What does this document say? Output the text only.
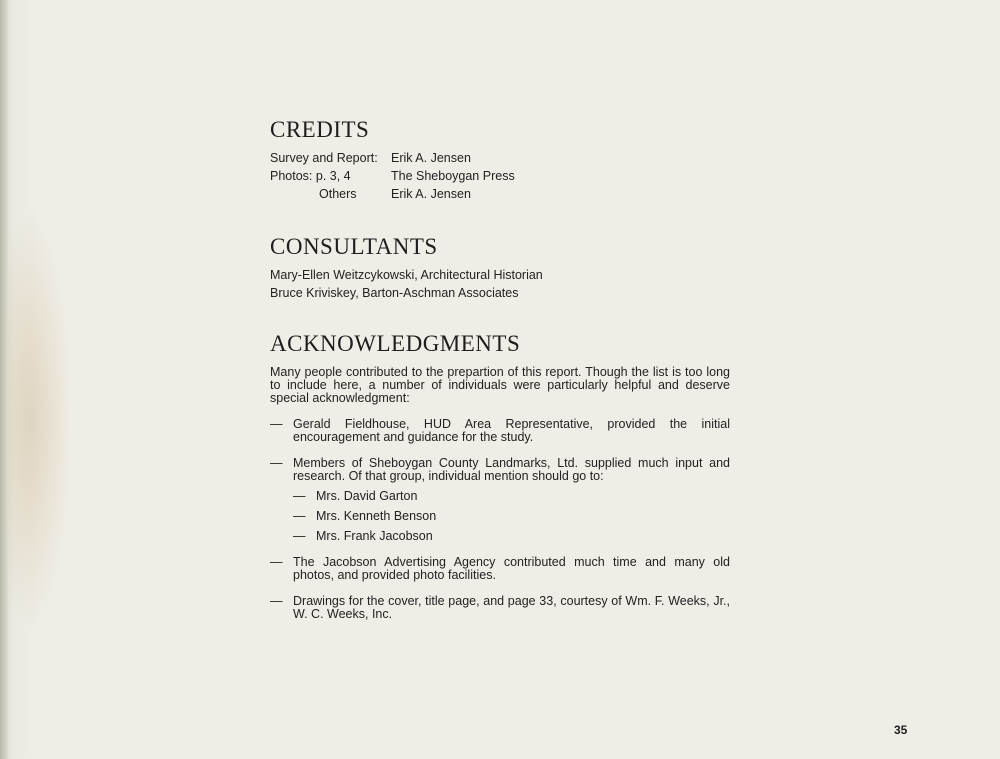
CREDITS
Survey and Report:	Erik A. Jensen
Photos: p. 3, 4	The Sheboygan Press
Others	Erik A. Jensen
CONSULTANTS

Mary-Ellen Weitzcykowski, Architectural Historian

Bruce Kriviskey, Barton-Aschman Associates

ACKNOWLEDGMENTS

Many people contributed to the prepartion of this report. Though the list is too long to include here, a number of individuals were particularly helpful and deserve special acknowledgment:

— Gerald Fieldhouse, HUD Area Representative, provided the initial encouragement and guidance for the study.
— Members of Sheboygan County Landmarks, Ltd. supplied much input and research. Of that group, individual mention should go to:
— Mrs. David Garton
— Mrs. Kenneth Benson
— Mrs. Frank Jacobson
— The Jacobson Advertising Agency contributed much time and many old photos, and provided photo facilities.
— Drawings for the cover, title page, and page 33, courtesy of Wm. F. Weeks, Jr., W. C. Weeks, Inc.
35
